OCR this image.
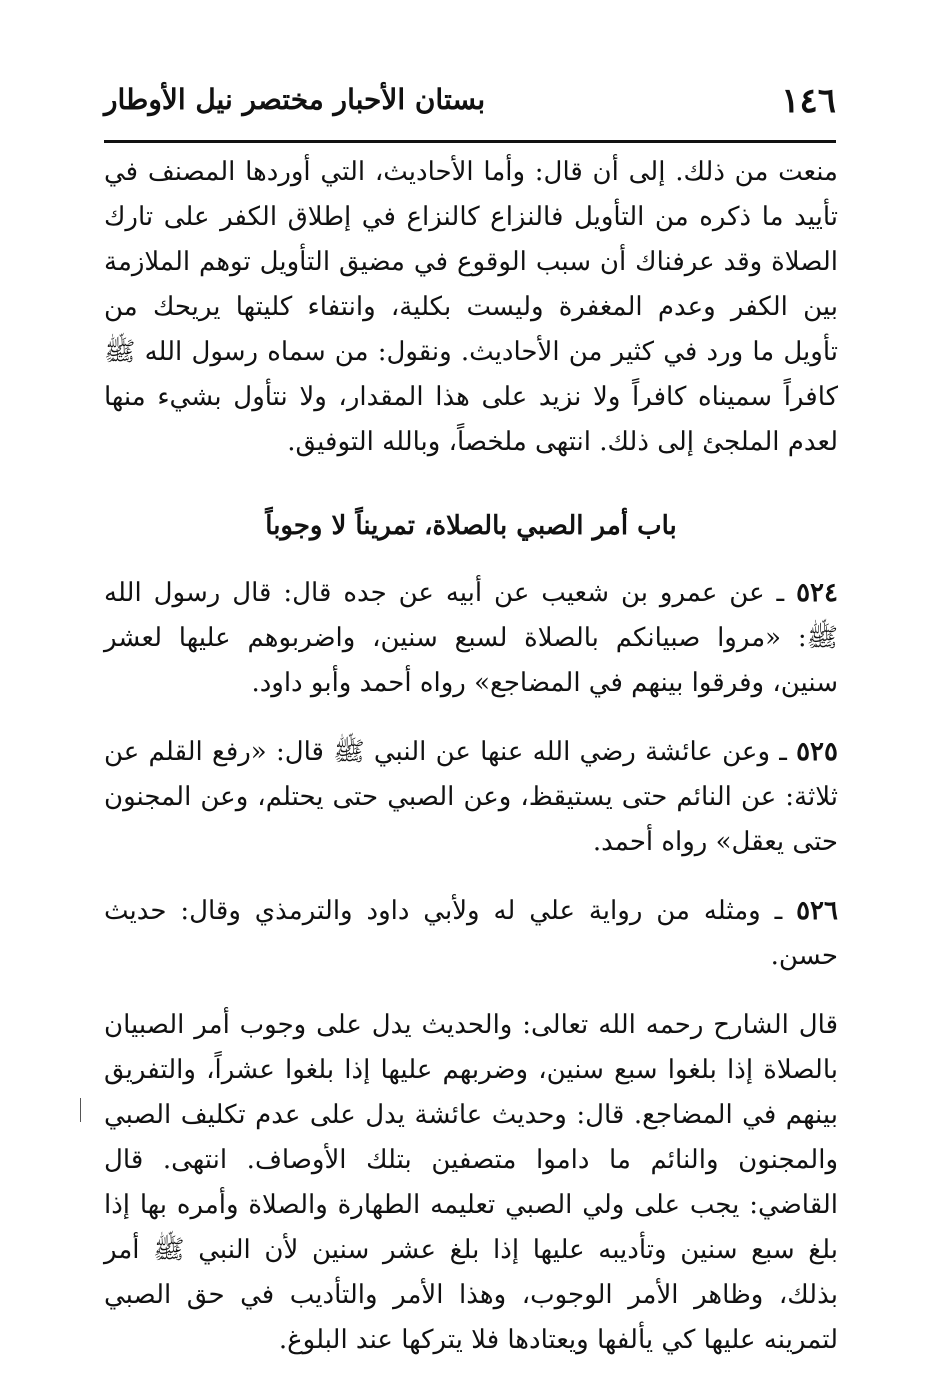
١٤٦
بستان الأحبار مختصر نيل الأوطار

منعت من ذلك. إلى أن قال: وأما الأحاديث، التي أوردها المصنف في تأييد ما ذكره من التأويل فالنزاع كالنزاع في إطلاق الكفر على تارك الصلاة وقد عرفناك أن سبب الوقوع في مضيق التأويل توهم الملازمة بين الكفر وعدم المغفرة وليست بكلية، وانتفاء كليتها يريحك من تأويل ما ورد في كثير من الأحاديث. ونقول: من سماه رسول الله ﷺ كافراً سميناه كافراً ولا نزيد على هذا المقدار، ولا نتأول بشيء منها لعدم الملجئ إلى ذلك. انتهى ملخصاً، وبالله التوفيق.

باب أمر الصبي بالصلاة، تمريناً لا وجوباً

٥٢٤ ـ عن عمرو بن شعيب عن أبيه عن جده قال: قال رسول الله ﷺ: «مروا صبيانكم بالصلاة لسبع سنين، واضربوهم عليها لعشر سنين، وفرقوا بينهم في المضاجع» رواه أحمد وأبو داود.

٥٢٥ ـ وعن عائشة رضي الله عنها عن النبي ﷺ قال: «رفع القلم عن ثلاثة: عن النائم حتى يستيقظ، وعن الصبي حتى يحتلم، وعن المجنون حتى يعقل» رواه أحمد.

٥٢٦ ـ ومثله من رواية علي له ولأبي داود والترمذي وقال: حديث حسن.

قال الشارح رحمه الله تعالى: والحديث يدل على وجوب أمر الصبيان بالصلاة إذا بلغوا سبع سنين، وضربهم عليها إذا بلغوا عشراً، والتفريق بينهم في المضاجع. قال: وحديث عائشة يدل على عدم تكليف الصبي والمجنون والنائم ما داموا متصفين بتلك الأوصاف. انتهى. قال القاضي: يجب على ولي الصبي تعليمه الطهارة والصلاة وأمره بها إذا بلغ سبع سنين وتأديبه عليها إذا بلغ عشر سنين لأن النبي ﷺ أمر بذلك، وظاهر الأمر الوجوب، وهذا الأمر والتأديب في حق الصبي لتمرينه عليها كي يألفها ويعتادها فلا يتركها عند البلوغ.
